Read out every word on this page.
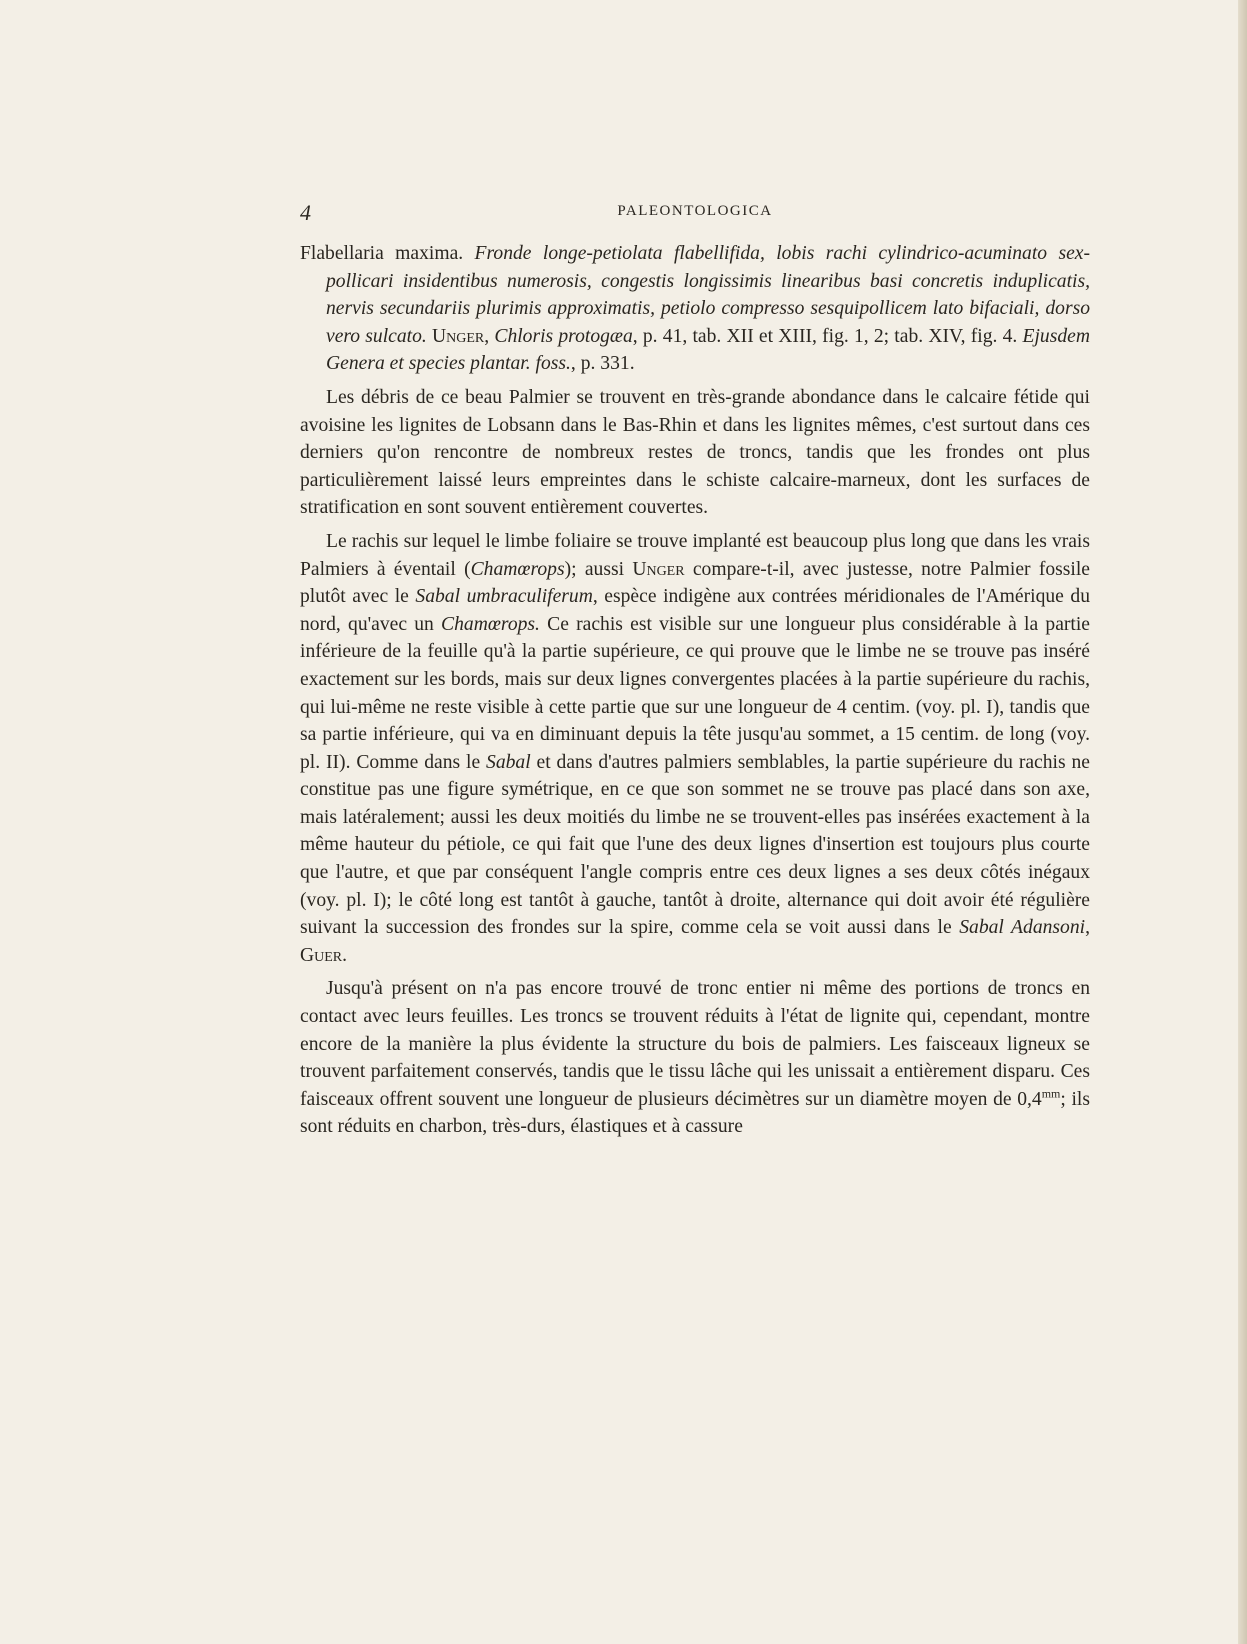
4	PALEONTOLOGICA

Flabellaria maxima. Fronde longe-petiolata flabellifida, lobis rachi cylindrico-acuminato sex-pollicari insidentibus numerosis, congestis longissimis linearibus basi concretis induplicatis, nervis secundariis plurimis approximatis, petiolo compresso sesquipollicem lato bifaciali, dorso vero sulcato. Unger, Chloris protogæa, p. 41, tab. XII et XIII, fig. 1, 2; tab. XIV, fig. 4. Ejusdem Genera et species plantar. foss., p. 331.

Les débris de ce beau Palmier se trouvent en très-grande abondance dans le calcaire fétide qui avoisine les lignites de Lobsann dans le Bas-Rhin et dans les lignites mêmes, c'est surtout dans ces derniers qu'on rencontre de nombreux restes de troncs, tandis que les frondes ont plus particulièrement laissé leurs empreintes dans le schiste calcaire-marneux, dont les surfaces de stratification en sont souvent entièrement couvertes.

Le rachis sur lequel le limbe foliaire se trouve implanté est beaucoup plus long que dans les vrais Palmiers à éventail (Chamœrops); aussi Unger compare-t-il, avec justesse, notre Palmier fossile plutôt avec le Sabal umbraculiferum, espèce indigène aux contrées méridionales de l'Amérique du nord, qu'avec un Chamœrops. Ce rachis est visible sur une longueur plus considérable à la partie inférieure de la feuille qu'à la partie supérieure, ce qui prouve que le limbe ne se trouve pas inséré exactement sur les bords, mais sur deux lignes convergentes placées à la partie supérieure du rachis, qui lui-même ne reste visible à cette partie que sur une longueur de 4 centim. (voy. pl. I), tandis que sa partie inférieure, qui va en diminuant depuis la tête jusqu'au sommet, a 15 centim. de long (voy. pl. II). Comme dans le Sabal et dans d'autres palmiers semblables, la partie supérieure du rachis ne constitue pas une figure symétrique, en ce que son sommet ne se trouve pas placé dans son axe, mais latéralement; aussi les deux moitiés du limbe ne se trouvent-elles pas insérées exactement à la même hauteur du pétiole, ce qui fait que l'une des deux lignes d'insertion est toujours plus courte que l'autre, et que par conséquent l'angle compris entre ces deux lignes a ses deux côtés inégaux (voy. pl. I); le côté long est tantôt à gauche, tantôt à droite, alternance qui doit avoir été régulière suivant la succession des frondes sur la spire, comme cela se voit aussi dans le Sabal Adansoni, Guer.

Jusqu'à présent on n'a pas encore trouvé de tronc entier ni même des portions de troncs en contact avec leurs feuilles. Les troncs se trouvent réduits à l'état de lignite qui, cependant, montre encore de la manière la plus évidente la structure du bois de palmiers. Les faisceaux ligneux se trouvent parfaitement conservés, tandis que le tissu lâche qui les unissait a entièrement disparu. Ces faisceaux offrent souvent une longueur de plusieurs décimètres sur un diamètre moyen de $0,4^{mm}$; ils sont réduits en charbon, très-durs, élastiques et à cassure
